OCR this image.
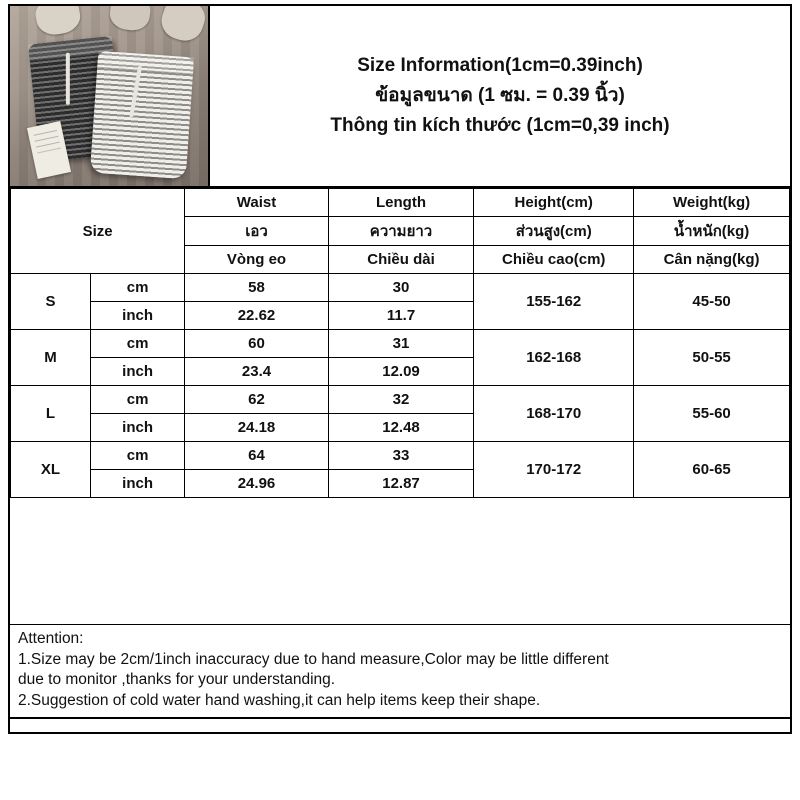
Size Information(1cm=0.39inch)
ข้อมูลขนาด (1 ซม. = 0.39 นิ้ว)
Thông tin kích thước (1cm=0,39 inch)
Size		Waist	Length	Height(cm)	Weight(kg)
		เอว	ความยาว	ส่วนสูง(cm)	น้ำหนัก(kg)
		Vòng eo	Chiều dài	Chiều cao(cm)	Cân nặng(kg)
S	cm	58	30	155-162	45-50
	inch	22.62	11.7		
M	cm	60	31	162-168	50-55
	inch	23.4	12.09		
L	cm	62	32	168-170	55-60
	inch	24.18	12.48		
XL	cm	64	33	170-172	60-65
	inch	24.96	12.87		

Attention:

1.Size may be 2cm/1inch inaccuracy due to hand measure,Color may be little different

due to monitor ,thanks for your understanding.

2.Suggestion of cold water hand washing,it can help items keep their shape.
